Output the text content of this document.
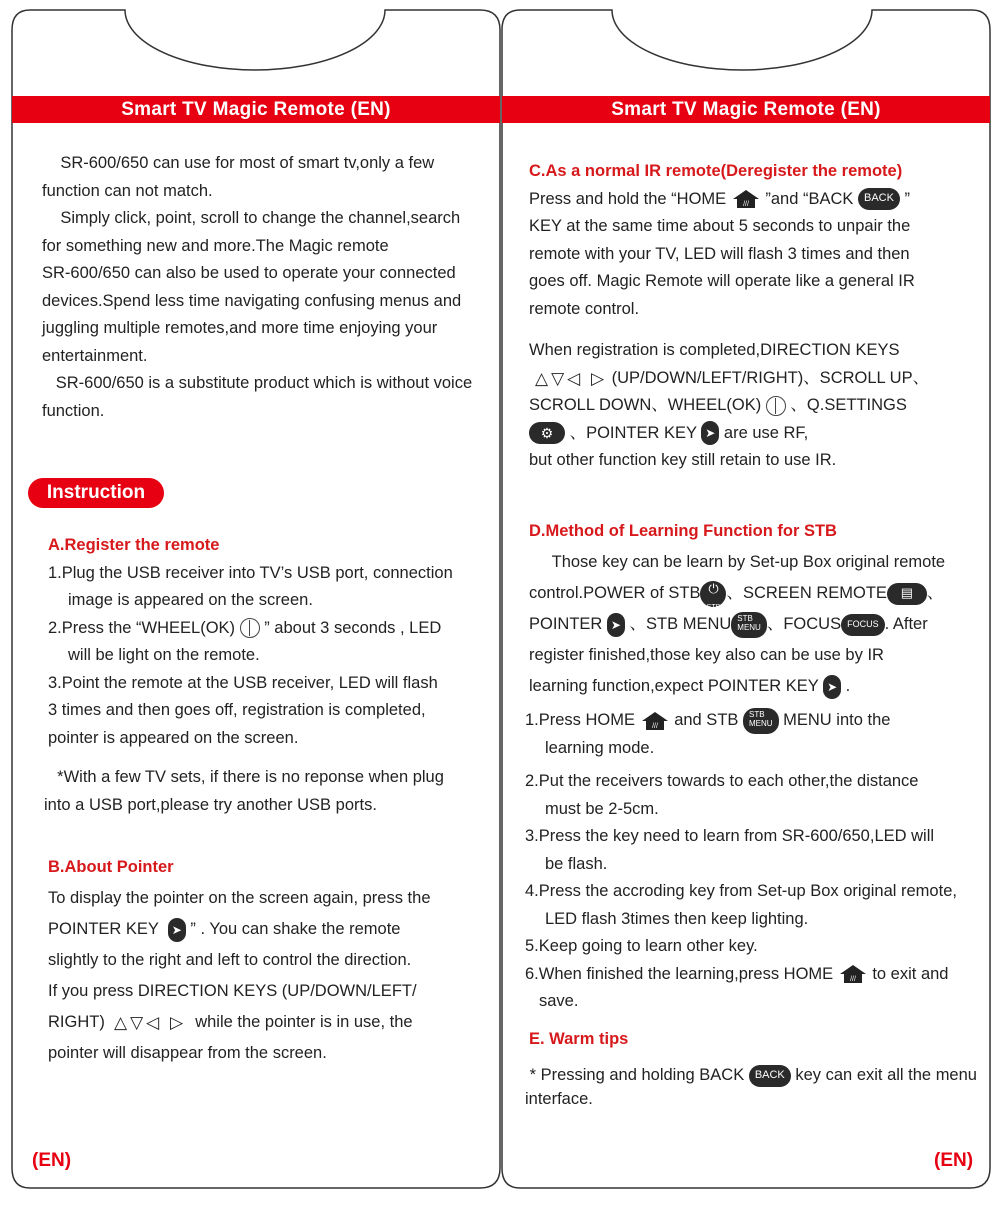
Smart TV Magic Remote (EN)
SR-600/650 can use for most of smart tv,only a few
function can not match.
Simply click, point, scroll to change the channel,search
for something new and more.The Magic remote
SR-600/650 can also be used to operate your connected
devices.Spend less time navigating confusing menus and
juggling multiple remotes,and more time enjoying your
entertainment.
SR-600/650 is a substitute product which is without voice
function.
Instruction
A.Register the remote
1.Plug the USB receiver into TV’s USB port, connection
image is appeared on the screen.
2.Press the “WHEEL(OK)  ” about 3 seconds , LED
will be light on the remote.
3.Point the remote at the USB receiver, LED will flash
3 times and then goes off, registration is completed,
pointer is appeared on the screen.
*With a few TV sets, if there is no reponse when plug
into a USB port,please try another USB ports.
B.About Pointer
To display the pointer on the screen again, press the
POINTER KEY  ➤ ” . You can shake the remote
slightly to the right and left to control the direction.
If you press DIRECTION KEYS (UP/DOWN/LEFT/
RIGHT)  △▽◁ ▷  while the pointer is in use, the
pointer will disappear from the screen.
(EN)
Smart TV Magic Remote (EN)
C.As a normal IR remote(Deregister the remote)
Press and hold the “HOME /// ”and “BACK BACK ”
KEY at the same time about 5 seconds to unpair the
remote with your TV, LED will flash 3 times and then
goes off. Magic Remote will operate like a general IR
remote control.
When registration is completed,DIRECTION KEYS
△▽◁ ▷ (UP/DOWN/LEFT/RIGHT)、SCROLL UP、
SCROLL DOWN、WHEEL(OK)  、Q.SETTINGS
⚙ 、POINTER KEY ➤ are use RF,
but other function key still retain to use IR.
D.Method of Learning Function for STB
Those key can be learn by Set-up Box original remote
control.POWER of STB ⏻
STB、SCREEN REMOTE ▤ 、
POINTER ➤ 、STB MENU STB
MENU 、FOCUS FOCUS . After
register finished,those key also can be use by IR
learning function,expect POINTER KEY ➤ .
1.Press HOME /// and STB STB
MENU MENU into the
learning mode.
2.Put the receivers towards to each other,the distance
must be 2-5cm.
3.Press the key need to learn from SR-600/650,LED will
be flash.
4.Press the accroding key from Set-up Box original remote,
LED flash 3times then keep lighting.
5.Keep going to learn other key.
6.When finished the learning,press HOME /// to exit and
save.
E. Warm tips
* Pressing and holding BACK BACK key can exit all the menu
interface.
(EN)
